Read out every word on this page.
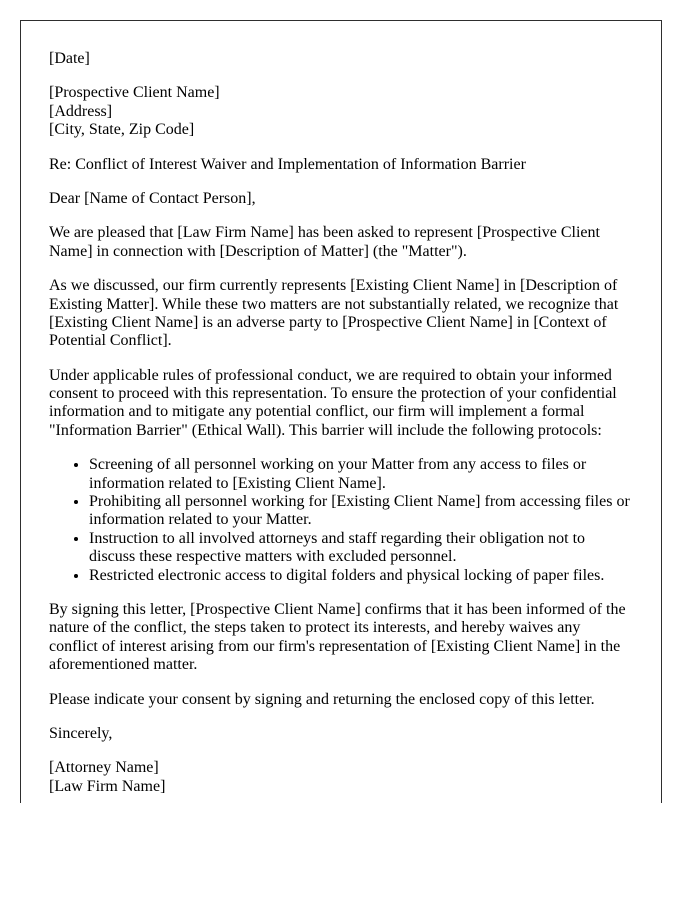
[Date]

[Prospective Client Name]
[Address]
[City, State, Zip Code]

Re: Conflict of Interest Waiver and Implementation of Information Barrier

Dear [Name of Contact Person],

We are pleased that [Law Firm Name] has been asked to represent [Prospective Client Name] in connection with [Description of Matter] (the "Matter").

As we discussed, our firm currently represents [Existing Client Name] in [Description of Existing Matter]. While these two matters are not substantially related, we recognize that [Existing Client Name] is an adverse party to [Prospective Client Name] in [Context of Potential Conflict].

Under applicable rules of professional conduct, we are required to obtain your informed consent to proceed with this representation. To ensure the protection of your confidential information and to mitigate any potential conflict, our firm will implement a formal "Information Barrier" (Ethical Wall). This barrier will include the following protocols:

• Screening of all personnel working on your Matter from any access to files or information related to [Existing Client Name].
• Prohibiting all personnel working for [Existing Client Name] from accessing files or information related to your Matter.
• Instruction to all involved attorneys and staff regarding their obligation not to discuss these respective matters with excluded personnel.
• Restricted electronic access to digital folders and physical locking of paper files.

By signing this letter, [Prospective Client Name] confirms that it has been informed of the nature of the conflict, the steps taken to protect its interests, and hereby waives any conflict of interest arising from our firm's representation of [Existing Client Name] in the aforementioned matter.

Please indicate your consent by signing and returning the enclosed copy of this letter.

Sincerely,

[Attorney Name]
[Law Firm Name]
